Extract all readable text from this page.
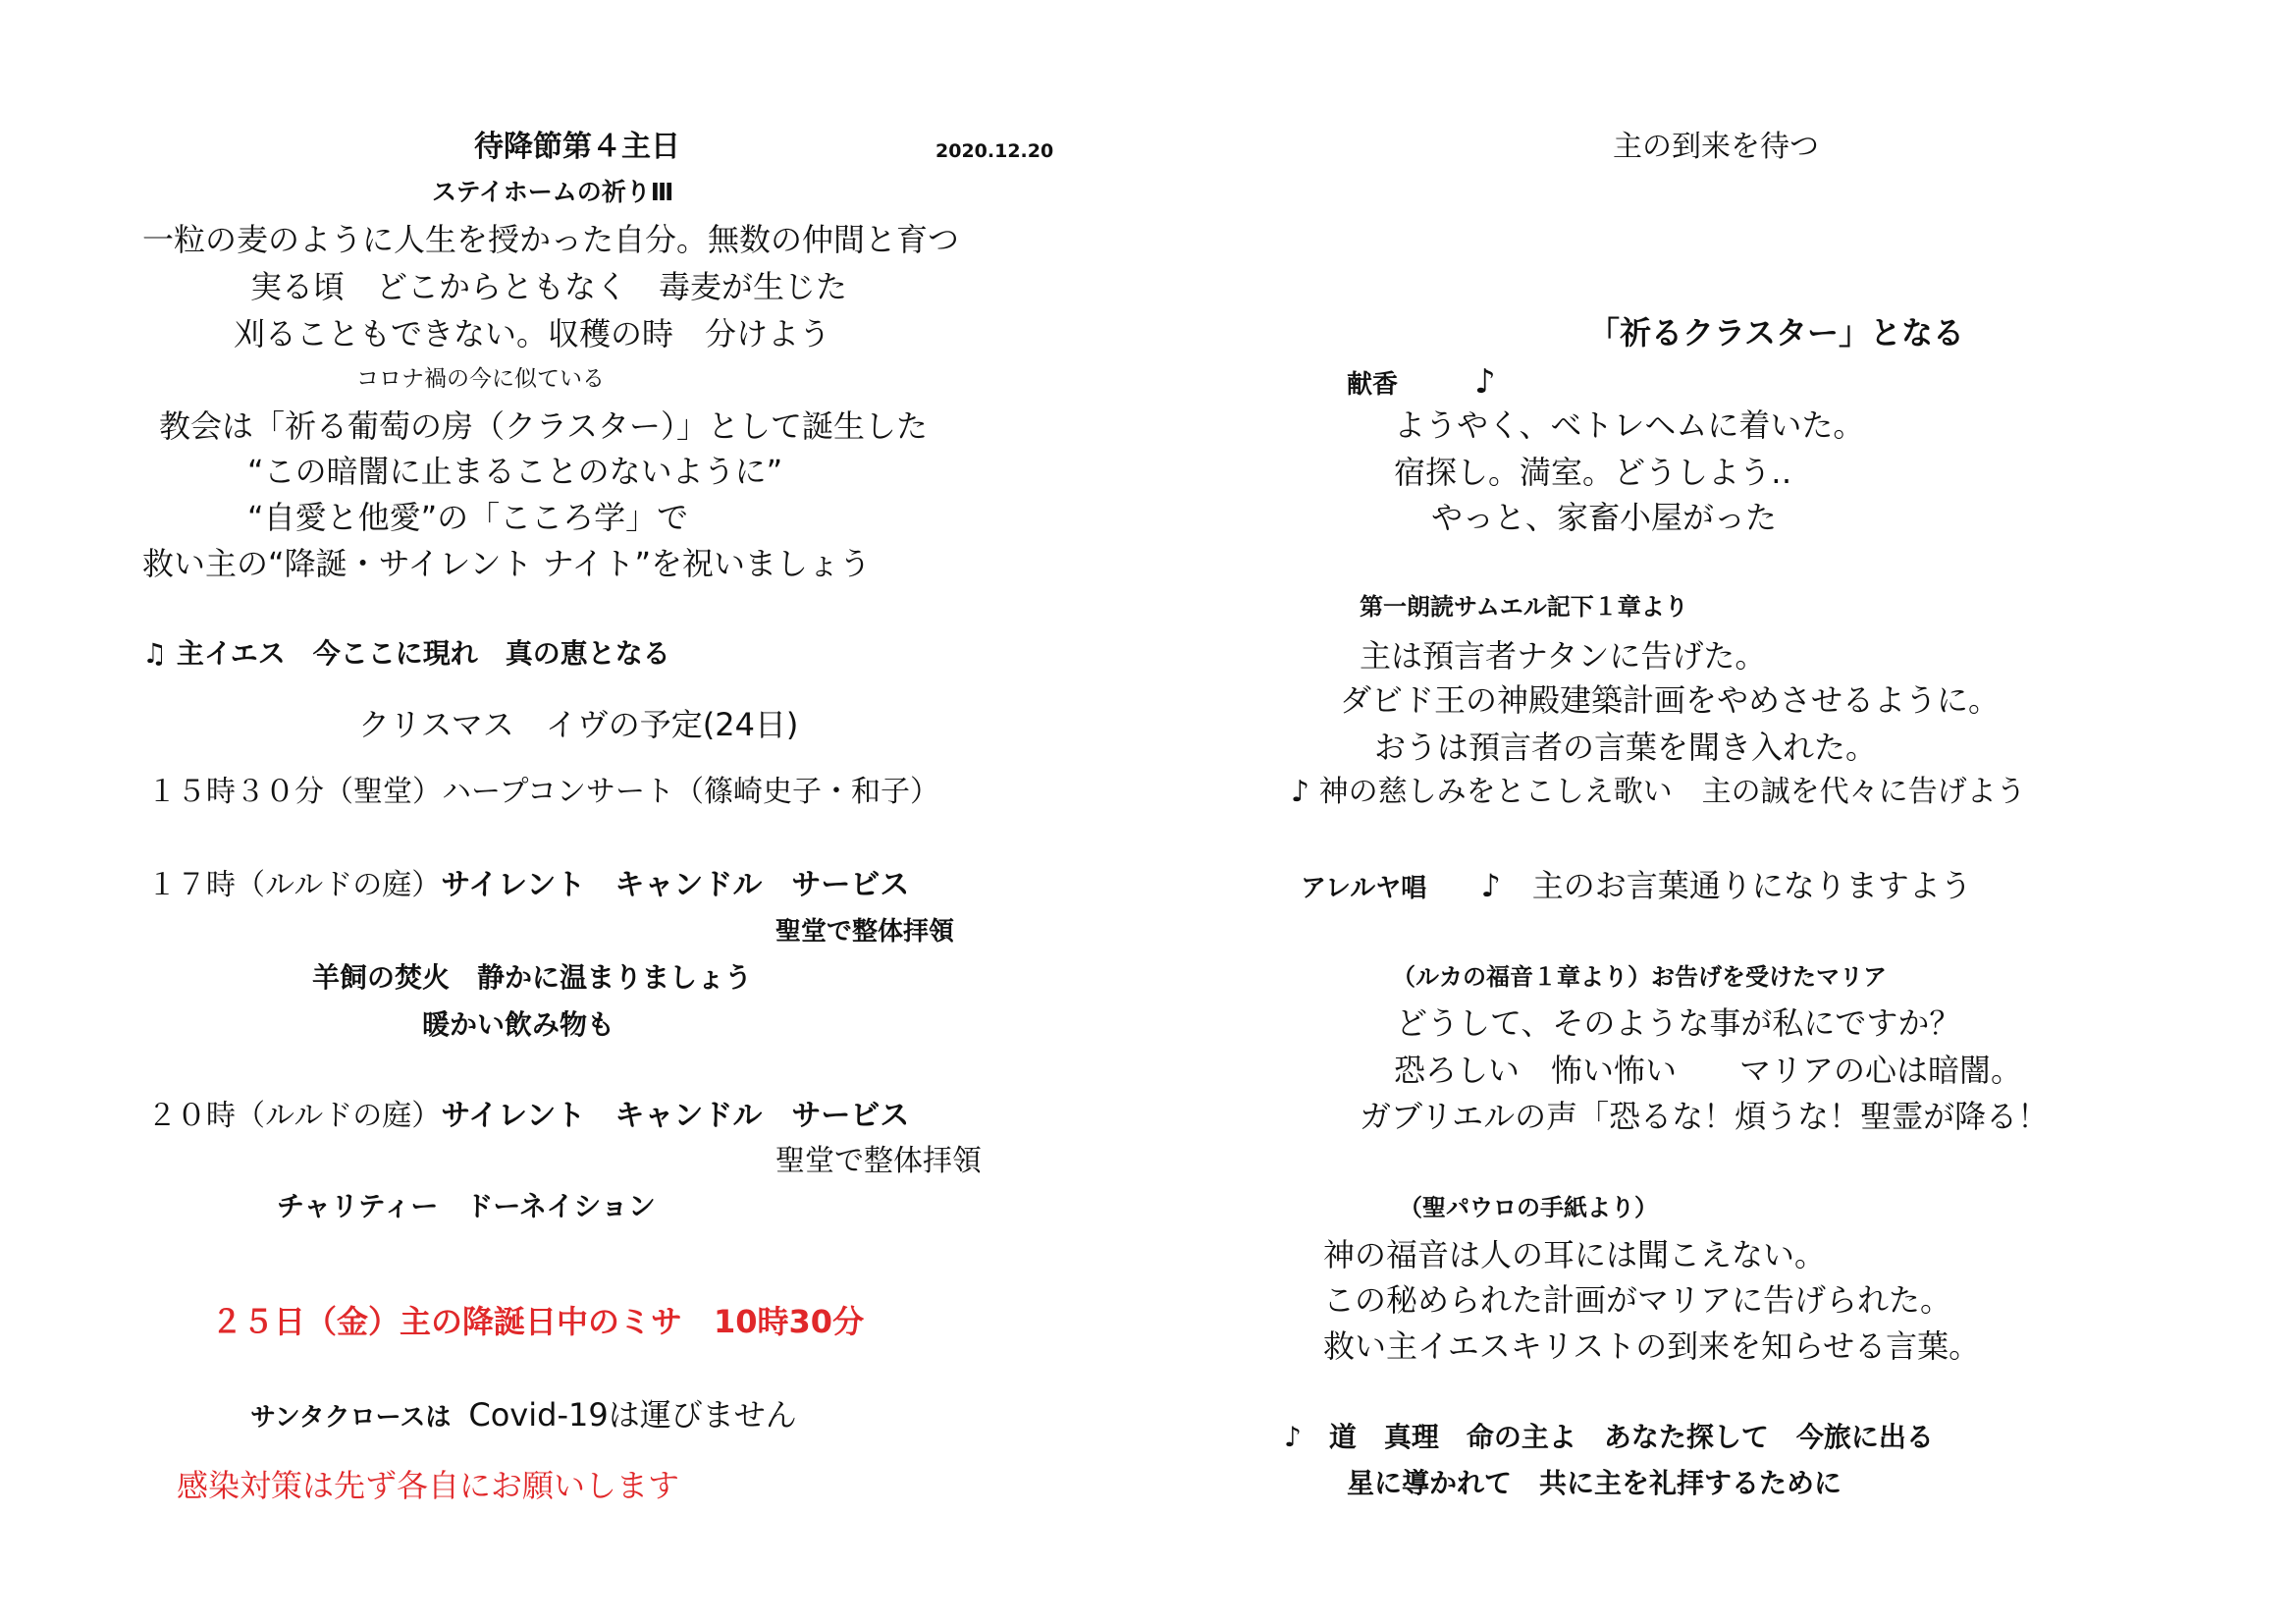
待降節第４主日	2020.12.20
ステイホームの祈りⅢ
一粒の麦のように人生を授かった自分。無数の仲間と育つ
実る頃　どこからともなく　毒麦が生じた
刈ることもできない。収穫の時　分けよう
コロナ禍の今に似ている
教会は「祈る葡萄の房（クラスター）」として誕生した
“この暗闇に止まることのないように”
“自愛と他愛”の「こころ学」で
救い主の“降誕・サイレント ナイト”を祝いましょう
♫ 主イエス　今ここに現れ　真の恵となる
クリスマス　イヴの予定(24日)
１５時３０分（聖堂）ハープコンサート（篠崎史子・和子）
１７時（ルルドの庭）サイレント　キャンドル　サービス
聖堂で整体拝領
羊飼の焚火　静かに温まりましょう
暖かい飲み物も
２０時（ルルドの庭）サイレント　キャンドル　サービス
聖堂で整体拝領
チャリティー　ドーネイション
２５日（金）主の降誕日中のミサ　10時30分
サンタクロースは Covid-19は運びません
感染対策は先ず各自にお願いします
主の到来を待つ
「祈るクラスター」となる
献香 ♪
ようやく、ベトレヘムに着いた。
宿探し。満室。どうしよう‥
やっと、家畜小屋がった
第一朗読サムエル記下１章より
主は預言者ナタンに告げた。
ダビド王の神殿建築計画をやめさせるように。
おうは預言者の言葉を聞き入れた。
♪ 神の慈しみをとこしえ歌い　主の誠を代々に告げよう
アレルヤ唱 ♪　主のお言葉通りになりますよう
（ルカの福音１章より）お告げを受けたマリア
どうして、そのような事が私にですか？
恐ろしい　怖い怖い　　マリアの心は暗闇。
ガブリエルの声「恐るな！煩うな！聖霊が降る！
（聖パウロの手紙より）
神の福音は人の耳には聞こえない。
この秘められた計画がマリアに告げられた。
救い主イエスキリストの到来を知らせる言葉。
♪　道　真理　命の主よ　あなた探して　今旅に出る
星に導かれて　共に主を礼拝するために
